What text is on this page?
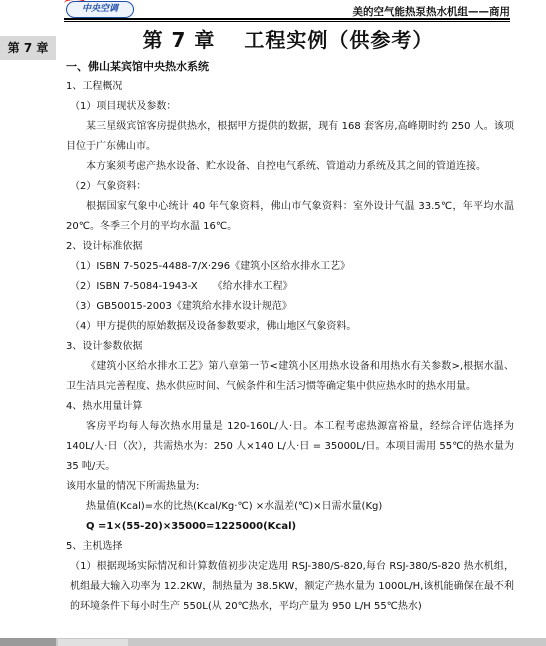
中央空调	美的空气能热泵热水机组——商用
第 7 章	第 7 章　 工程实例（供参考）

一、佛山某宾馆中央热水系统

1、工程概况

（1）项目现状及参数：

某三星级宾馆客房提供热水，根据甲方提供的数据，现有 168 套客房,高峰期时约 250 人。该项目位于广东佛山市。

本方案须考虑产热水设备、贮水设备、自控电气系统、管道动力系统及其之间的管道连接。

（2）气象资料：

根据国家气象中心统计 40 年气象资料，佛山市气象资料：室外设计气温 33.5℃，年平均水温 20℃。冬季三个月的平均水温 16℃。

2、设计标准依据

（1）ISBN 7-5025-4488-7/X·296《建筑小区给水排水工艺》

（2）ISBN 7-5084-1943-X　　《给水排水工程》

（3）GB50015-2003《建筑给水排水设计规范》

（4）甲方提供的原始数据及设备参数要求，佛山地区气象资料。

3、设计参数依据

《建筑小区给水排水工艺》第八章第一节<建筑小区用热水设备和用热水有关参数>,根据水温、卫生洁具完善程度、热水供应时间、气候条件和生活习惯等确定集中供应热水时的热水用量。

4、热水用量计算

客房平均每人每次热水用量是 120-160L/人·日。本工程考虑热源富裕量，经综合评估选择为 140L/人·日（次），共需热水为：250 人×140 L/人·日 = 35000L/日。本项目需用 55℃的热水量为 35 吨/天。

该用水量的情况下所需热量为:

热量值(Kcal)=水的比热(Kcal/Kg·℃) ×水温差(℃)×日需水量(Kg)

Q =1×(55-20)×35000=1225000(Kcal)

5、主机选择

（1）根据现场实际情况和计算数值初步决定选用 RSJ-380/S-820,每台 RSJ-380/S-820 热水机组，机组最大输入功率为 12.2KW，制热量为 38.5KW，额定产热水量为 1000L/H,该机能确保在最不利的环境条件下每小时生产 550L(从 20℃热水，平均产量为 950 L/H 55℃热水)
